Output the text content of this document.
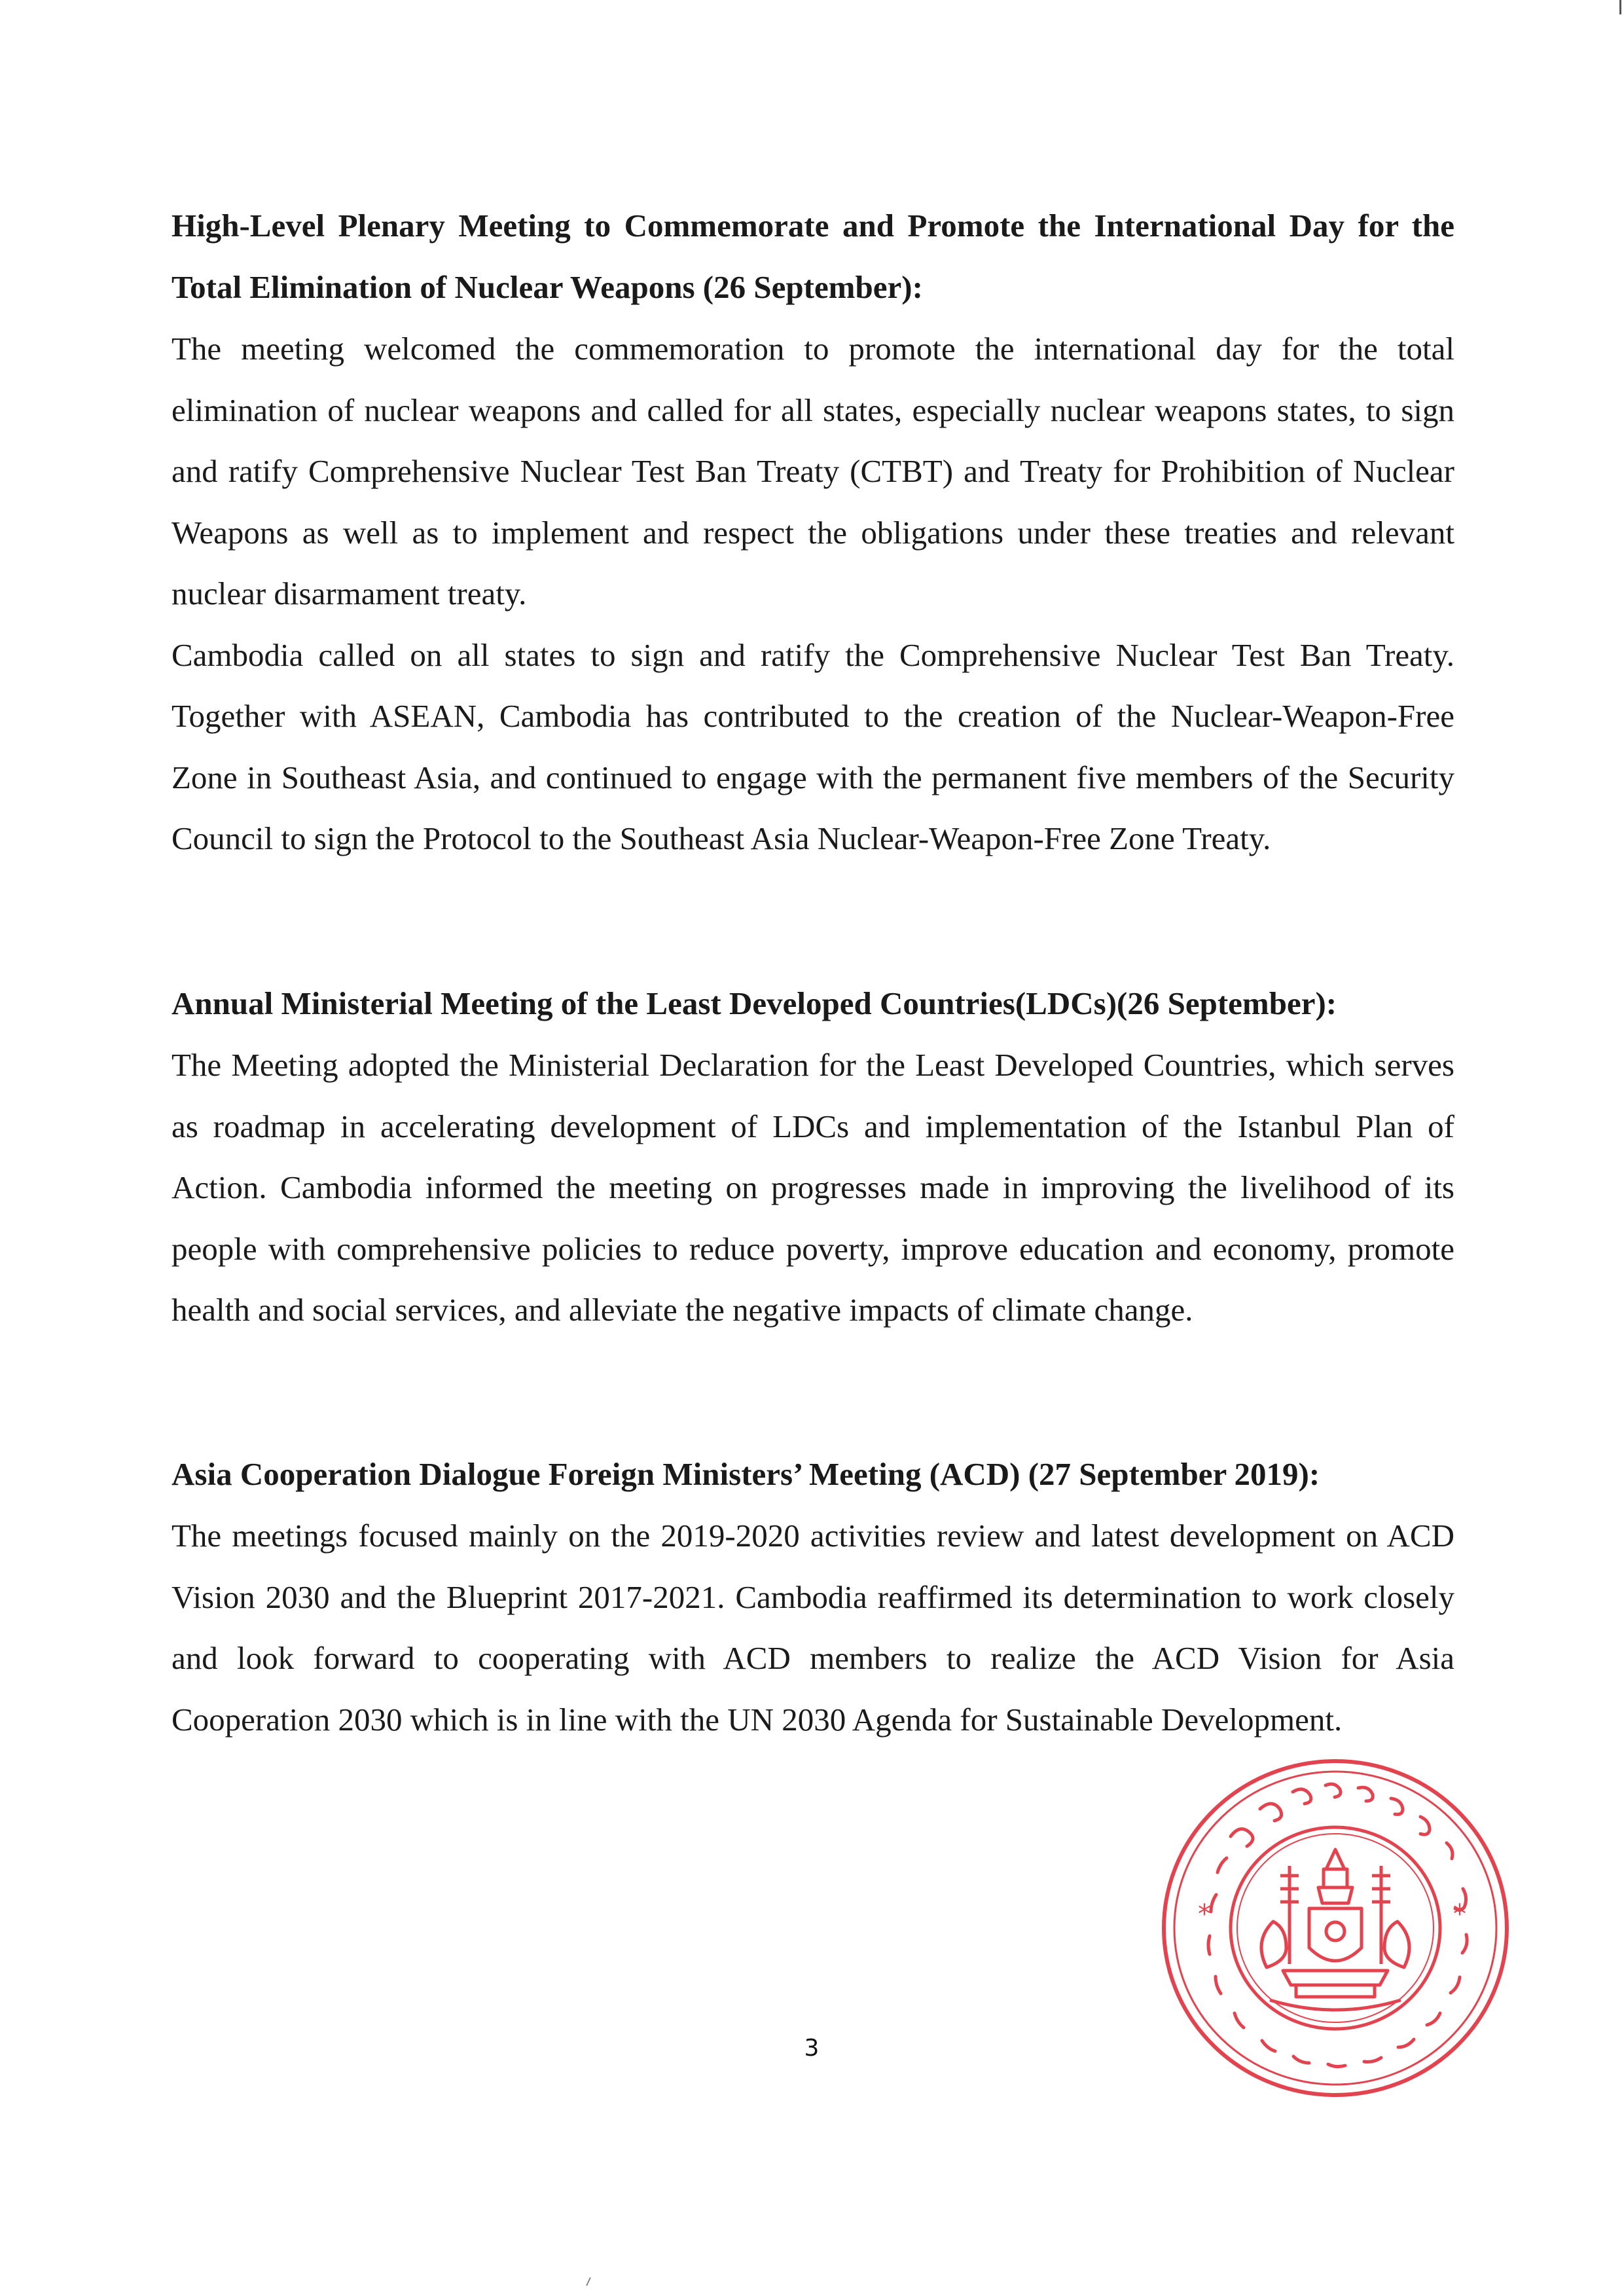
High-Level Plenary Meeting to Commemorate and Promote the International Day for the Total Elimination of Nuclear Weapons (26 September):

The meeting welcomed the commemoration to promote the international day for the total elimination of nuclear weapons and called for all states, especially nuclear weapons states, to sign and ratify Comprehensive Nuclear Test Ban Treaty (CTBT) and Treaty for Prohibition of Nuclear Weapons as well as to implement and respect the obligations under these treaties and relevant nuclear disarmament treaty.

Cambodia called on all states to sign and ratify the Comprehensive Nuclear Test Ban Treaty. Together with ASEAN, Cambodia has contributed to the creation of the Nuclear-Weapon-Free Zone in Southeast Asia, and continued to engage with the permanent five members of the Security Council to sign the Protocol to the Southeast Asia Nuclear-Weapon-Free Zone Treaty.

Annual Ministerial Meeting of the Least Developed Countries(LDCs)(26 September):

The Meeting adopted the Ministerial Declaration for the Least Developed Countries, which serves as roadmap in accelerating development of LDCs and implementation of the Istanbul Plan of Action. Cambodia informed the meeting on progresses made in improving the livelihood of its people with comprehensive policies to reduce poverty, improve education and economy, promote health and social services, and alleviate the negative impacts of climate change.

Asia Cooperation Dialogue Foreign Ministers’ Meeting (ACD) (27 September 2019):

The meetings focused mainly on the 2019-2020 activities review and latest development on ACD Vision 2030 and the Blueprint 2017-2021. Cambodia reaffirmed its determination to work closely and look forward to cooperating with ACD members to realize the ACD Vision for Asia Cooperation 2030 which is in line with the UN 2030 Agenda for Sustainable Development.

3
*	*
